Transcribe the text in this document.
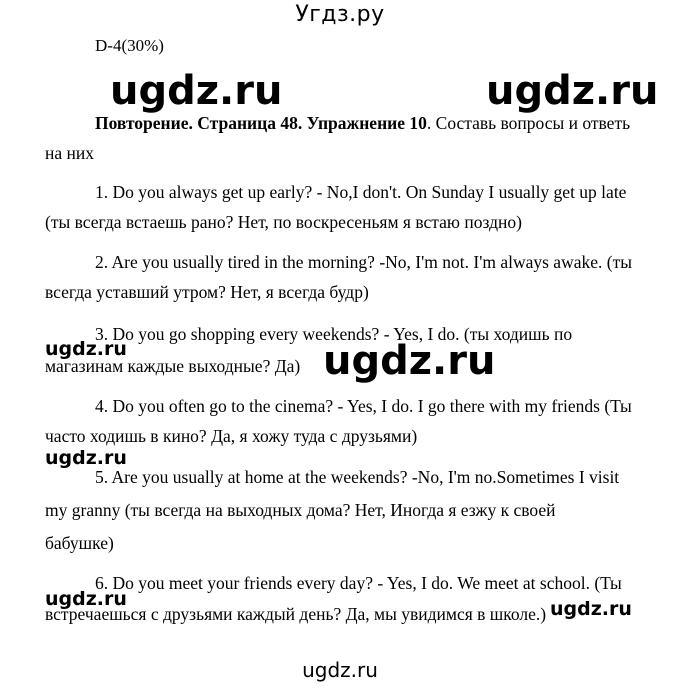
Угдз.ру
D-4(30%)
ugdz.ru	ugdz.ru
Повторение. Страница 48. Упражнение 10. Составь вопросы и ответь
на них
1. Do you always get up early? - No,I don't. On Sunday I usually get up late
(ты всегда встаешь рано? Нет, по воскресеньям я встаю поздно)
2. Are you usually tired in the morning? -No, I'm not. I'm always awake. (ты
всегда уставший утром? Нет, я всегда будр)
3. Do you go shopping every weekends? - Yes, I do. (ты ходишь по
ugdz.ru
магазинам каждые выходные? Да) ugdz.ru
4. Do you often go to the cinema? - Yes, I do. I go there with my friends (Ты
часто ходишь в кино? Да, я хожу туда с друзьями)
ugdz.ru
5. Are you usually at home at the weekends? -No, I'm no.Sometimes I visit
my granny (ты всегда на выходных дома? Нет, Иногда я езжу к своей
бабушке)
6. Do you meet your friends every day? - Yes, I do. We meet at school. (Ты
ugdz.ru
встречаешься с друзьями каждый день? Да, мы увидимся в школе.) ugdz.ru
ugdz.ru
